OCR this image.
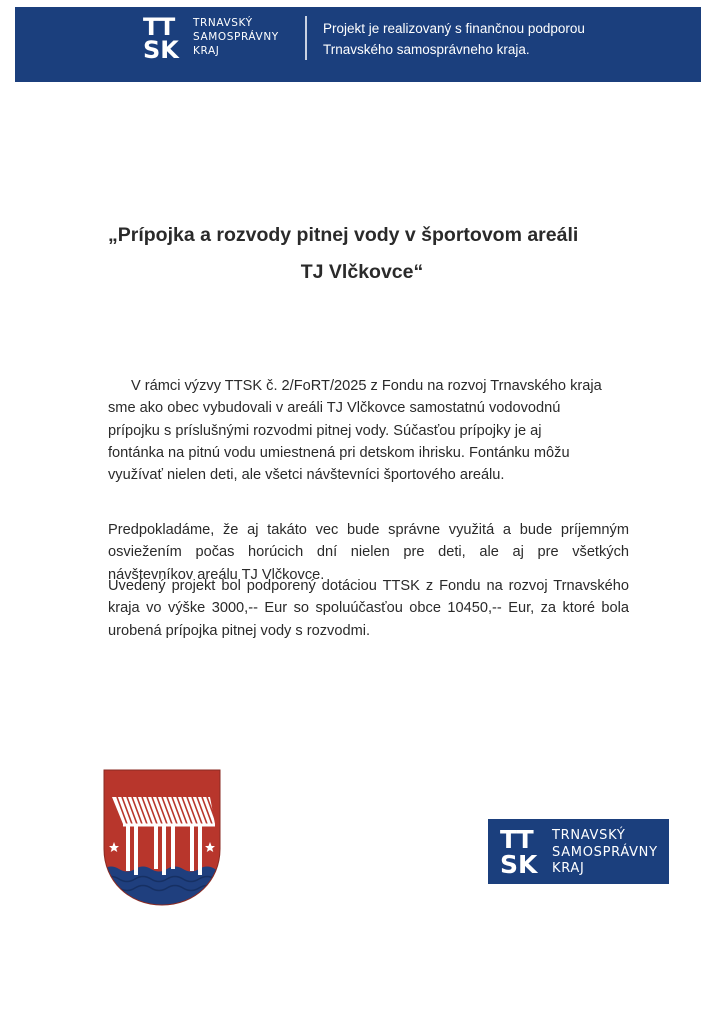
TT
SK
TRNAVSKÝ
SAMOSPRÁVNY
KRAJ
Projekt je realizovaný s finančnou podporou
Trnavského samosprávneho kraja.
„Prípojka a rozvody pitnej vody v športovom areáli
TJ Vlčkovce“
V rámci výzvy TTSK č. 2/FoRT/2025 z Fondu na rozvoj Trnavského kraja
sme ako obec vybudovali v areáli TJ Vlčkovce samostatnú vodovodnú
prípojku s príslušnými rozvodmi pitnej vody. Súčasťou prípojky je aj
fontánka na pitnú vodu umiestnená pri detskom ihrisku. Fontánku môžu
využívať nielen deti, ale všetci návštevníci športového areálu.
Predpokladáme, že aj takáto vec bude správne využitá a bude príjemným
osviežením počas horúcich dní nielen pre deti, ale aj pre všetkých
návštevníkov areálu TJ Vlčkovce.
Uvedený projekt bol podporený dotáciou TTSK z Fondu na rozvoj Trnavského
kraja vo výške 3000,-- Eur so spoluúčasťou obce 10450,-- Eur, za ktoré bola
urobená prípojka pitnej vody s rozvodmi.
TT
SK
TRNAVSKÝ
SAMOSPRÁVNY
KRAJ
